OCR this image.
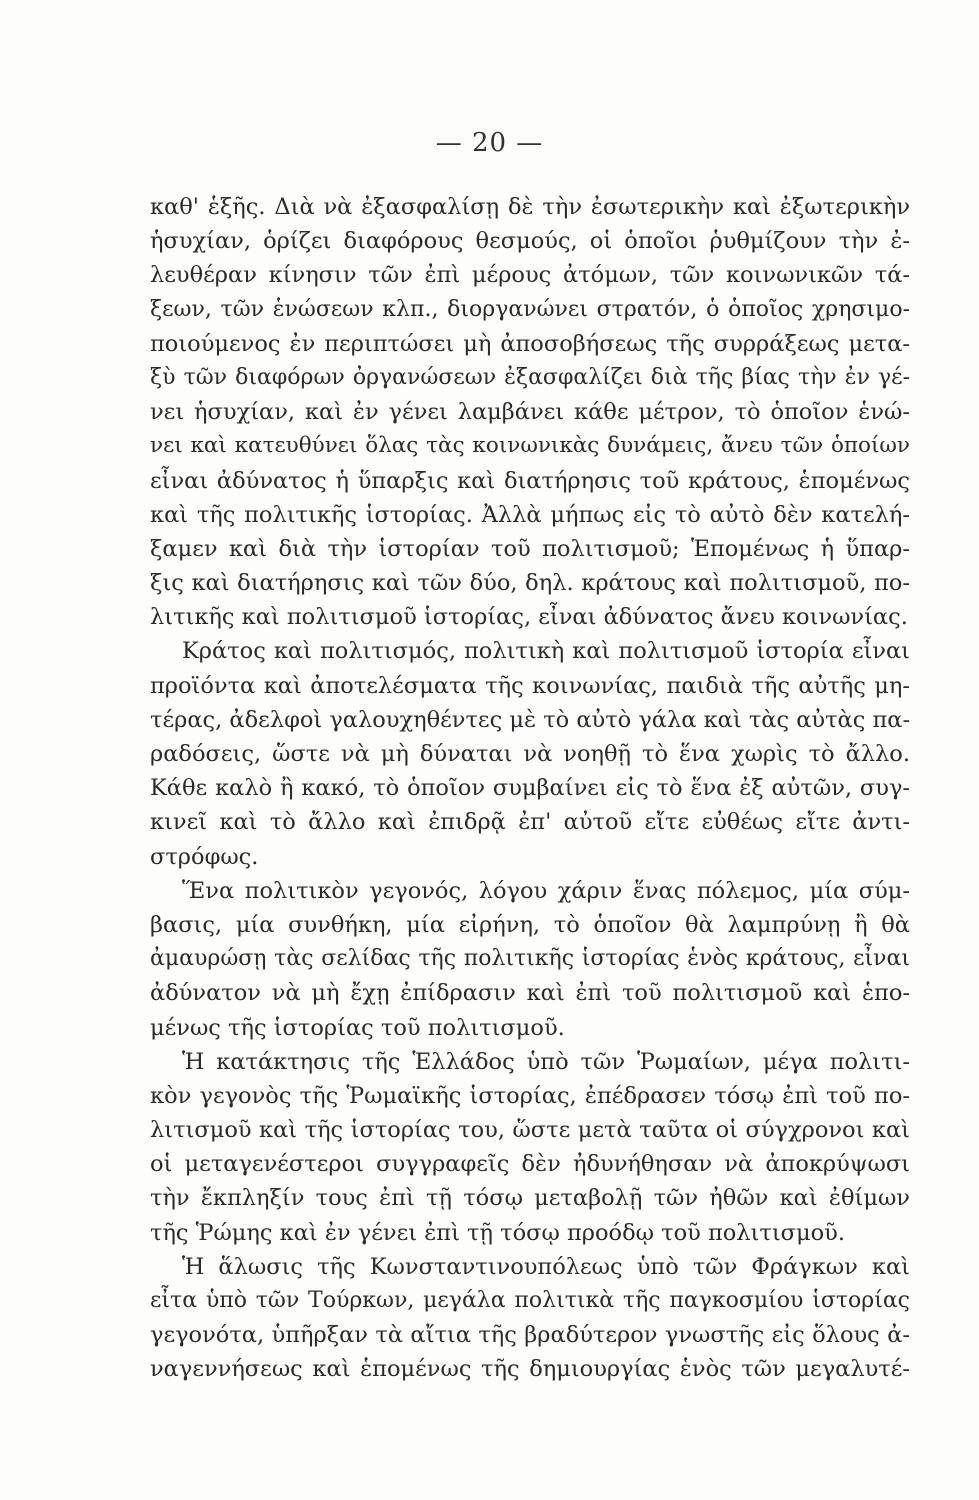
— 20 —
καθ' ἑξῆς. Διὰ νὰ ἐξασφαλίσῃ δὲ τὴν ἐσωτερικὴν καὶ ἐξωτερικὴν
ἡσυχίαν, ὁρίζει διαφόρους θεσμούς, οἱ ὁποῖοι ῥυθμίζουν τὴν ἐ-
λευθέραν κίνησιν τῶν ἐπὶ μέρους ἀτόμων, τῶν κοινωνικῶν τά-
ξεων, τῶν ἑνώσεων κλπ., διοργανώνει στρατόν, ὁ ὁποῖος χρησιμο-
ποιούμενος ἐν περιπτώσει μὴ ἀποσοβήσεως τῆς συρράξεως μετα-
ξὺ τῶν διαφόρων ὀργανώσεων ἐξασφαλίζει διὰ τῆς βίας τὴν ἐν γέ-
νει ἡσυχίαν, καὶ ἐν γένει λαμβάνει κάθε μέτρον, τὸ ὁποῖον ἑνώ-
νει καὶ κατευθύνει ὅλας τὰς κοινωνικὰς δυνάμεις, ἄνευ τῶν ὁποίων
εἶναι ἀδύνατος ἡ ὕπαρξις καὶ διατήρησις τοῦ κράτους, ἑπομένως
καὶ τῆς πολιτικῆς ἱστορίας. Ἀλλὰ μήπως εἰς τὸ αὐτὸ δὲν κατελή-
ξαμεν καὶ διὰ τὴν ἱστορίαν τοῦ πολιτισμοῦ; Ἑπομένως ἡ ὕπαρ-
ξις καὶ διατήρησις καὶ τῶν δύο, δηλ. κράτους καὶ πολιτισμοῦ, πο-
λιτικῆς καὶ πολιτισμοῦ ἱστορίας, εἶναι ἀδύνατος ἄνευ κοινωνίας.
Κράτος καὶ πολιτισμός, πολιτικὴ καὶ πολιτισμοῦ ἱστορία εἶναι
προϊόντα καὶ ἀποτελέσματα τῆς κοινωνίας, παιδιὰ τῆς αὐτῆς μη-
τέρας, ἀδελφοὶ γαλουχηθέντες μὲ τὸ αὐτὸ γάλα καὶ τὰς αὐτὰς πα-
ραδόσεις, ὥστε νὰ μὴ δύναται νὰ νοηθῇ τὸ ἕνα χωρὶς τὸ ἄλλο.
Κάθε καλὸ ἢ κακό, τὸ ὁποῖον συμβαίνει εἰς τὸ ἕνα ἐξ αὐτῶν, συγ-
κινεῖ καὶ τὸ ἄλλο καὶ ἐπιδρᾷ ἐπ' αὐτοῦ εἴτε εὐθέως εἴτε ἀντι-
στρόφως.
Ἕνα πολιτικὸν γεγονός, λόγου χάριν ἕνας πόλεμος, μία σύμ-
βασις, μία συνθήκη, μία εἰρήνη, τὸ ὁποῖον θὰ λαμπρύνῃ ἢ θὰ
ἀμαυρώσῃ τὰς σελίδας τῆς πολιτικῆς ἱστορίας ἑνὸς κράτους, εἶναι
ἀδύνατον νὰ μὴ ἔχῃ ἐπίδρασιν καὶ ἐπὶ τοῦ πολιτισμοῦ καὶ ἑπο-
μένως τῆς ἱστορίας τοῦ πολιτισμοῦ.
Ἡ κατάκτησις τῆς Ἑλλάδος ὑπὸ τῶν Ῥωμαίων, μέγα πολιτι-
κὸν γεγονὸς τῆς Ῥωμαϊκῆς ἱστορίας, ἐπέδρασεν τόσῳ ἐπὶ τοῦ πο-
λιτισμοῦ καὶ τῆς ἱστορίας του, ὥστε μετὰ ταῦτα οἱ σύγχρονοι καὶ
οἱ μεταγενέστεροι συγγραφεῖς δὲν ἠδυνήθησαν νὰ ἀποκρύψωσι
τὴν ἔκπληξίν τους ἐπὶ τῇ τόσῳ μεταβολῇ τῶν ἠθῶν καὶ ἐθίμων
τῆς Ῥώμης καὶ ἐν γένει ἐπὶ τῇ τόσῳ προόδῳ τοῦ πολιτισμοῦ.
Ἡ ἅλωσις τῆς Κωνσταντινουπόλεως ὑπὸ τῶν Φράγκων καὶ
εἶτα ὑπὸ τῶν Τούρκων, μεγάλα πολιτικὰ τῆς παγκοσμίου ἱστορίας
γεγονότα, ὑπῆρξαν τὰ αἴτια τῆς βραδύτερον γνωστῆς εἰς ὅλους ἀ-
ναγεννήσεως καὶ ἑπομένως τῆς δημιουργίας ἑνὸς τῶν μεγαλυτέ-
